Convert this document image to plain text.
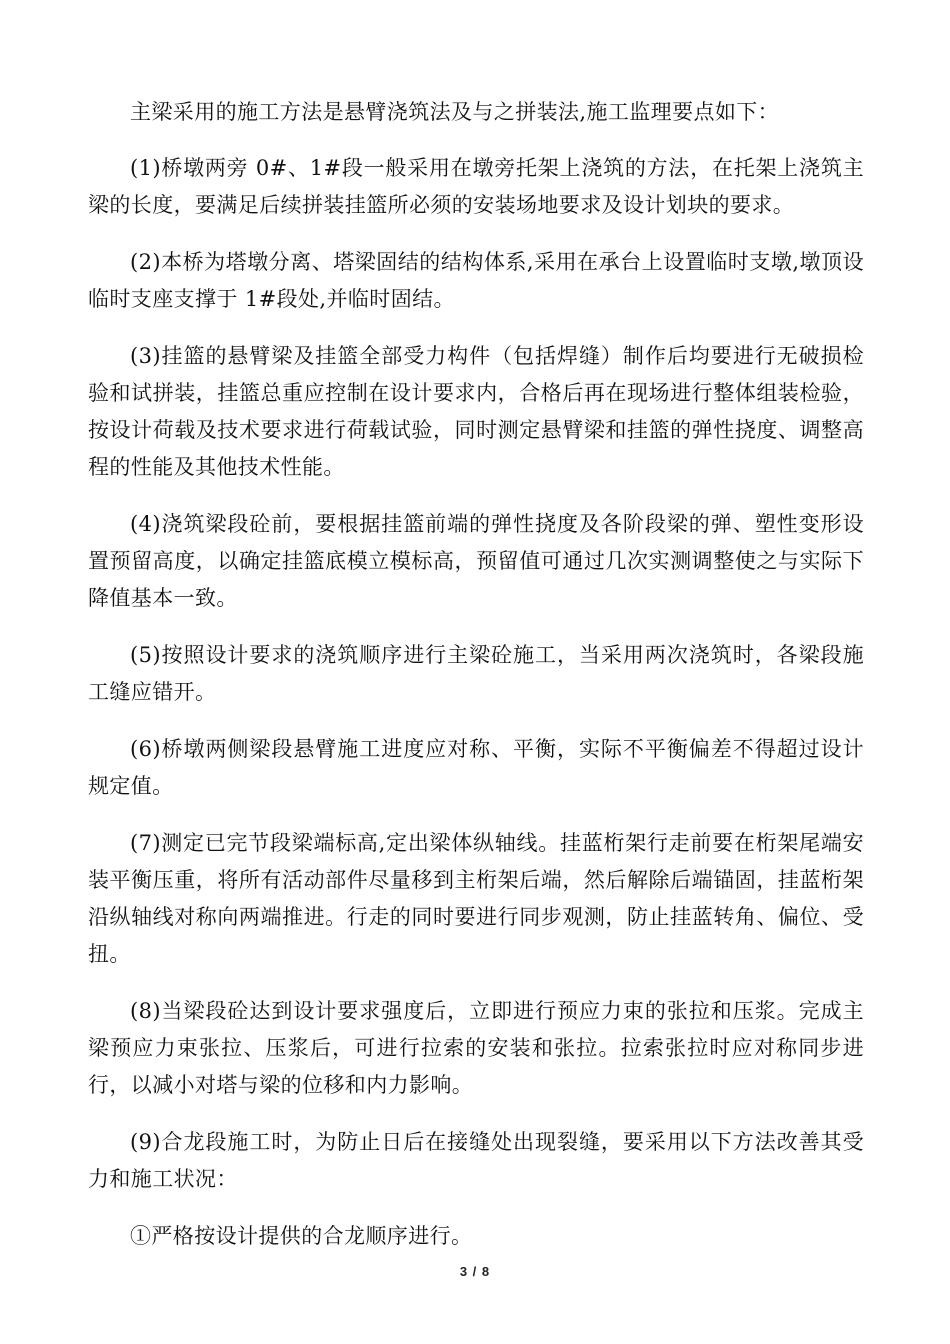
主梁采用的施工方法是悬臂浇筑法及与之拼装法,施工监理要点如下：

(1)桥墩两旁 0#、1#段一般采用在墩旁托架上浇筑的方法，在托架上浇筑主梁的长度，要满足后续拼装挂篮所必须的安装场地要求及设计划块的要求。

(2)本桥为塔墩分离、塔梁固结的结构体系,采用在承台上设置临时支墩,墩顶设临时支座支撑于 1#段处,并临时固结。

(3)挂篮的悬臂梁及挂篮全部受力构件（包括焊缝）制作后均要进行无破损检验和试拼装，挂篮总重应控制在设计要求内，合格后再在现场进行整体组装检验，按设计荷载及技术要求进行荷载试验，同时测定悬臂梁和挂篮的弹性挠度、调整高程的性能及其他技术性能。

(4)浇筑梁段砼前，要根据挂篮前端的弹性挠度及各阶段梁的弹、塑性变形设置预留高度，以确定挂篮底模立模标高，预留值可通过几次实测调整使之与实际下降值基本一致。

(5)按照设计要求的浇筑顺序进行主梁砼施工，当采用两次浇筑时，各梁段施工缝应错开。

(6)桥墩两侧梁段悬臂施工进度应对称、平衡，实际不平衡偏差不得超过设计规定值。

(7)测定已完节段梁端标高,定出梁体纵轴线。挂蓝桁架行走前要在桁架尾端安装平衡压重，将所有活动部件尽量移到主桁架后端，然后解除后端锚固，挂蓝桁架沿纵轴线对称向两端推进。行走的同时要进行同步观测，防止挂蓝转角、偏位、受扭。

(8)当梁段砼达到设计要求强度后，立即进行预应力束的张拉和压浆。完成主梁预应力束张拉、压浆后，可进行拉索的安装和张拉。拉索张拉时应对称同步进行，以减小对塔与梁的位移和内力影响。

(9)合龙段施工时，为防止日后在接缝处出现裂缝，要采用以下方法改善其受力和施工状况：

①严格按设计提供的合龙顺序进行。

3 / 8
